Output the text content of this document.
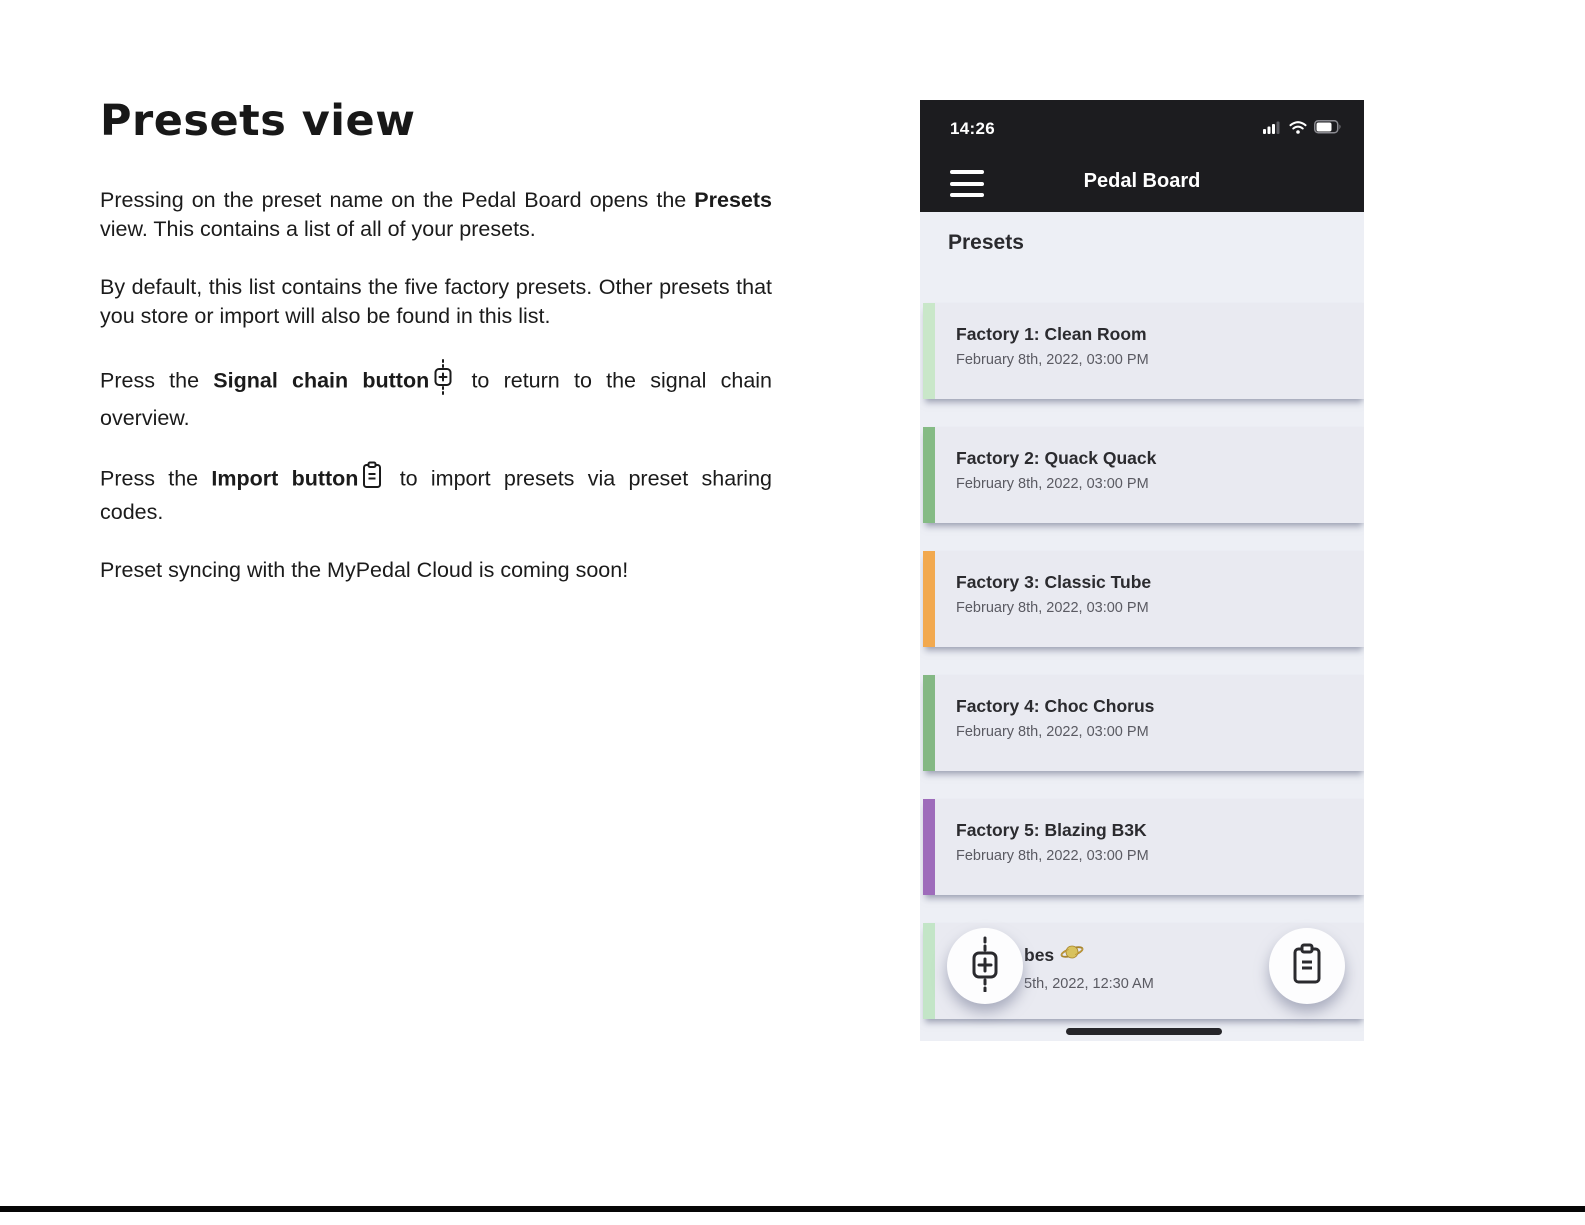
Presets view

Pressing on the preset name on the Pedal Board opens the Presets view. This contains a list of all of your presets.

By default, this list contains the five factory presets. Other presets that you store or import will also be found in this list.

Press the Signal chain button to return to the signal chain overview.

Press the Import button to import presets via preset sharing codes.

Preset syncing with the MyPedal Cloud is coming soon!

14:26
Pedal Board
Presets
Factory 1: Clean Room
February 8th, 2022, 03:00 PM
Factory 2: Quack Quack
February 8th, 2022, 03:00 PM
Factory 3: Classic Tube
February 8th, 2022, 03:00 PM
Factory 4: Choc Chorus
February 8th, 2022, 03:00 PM
Factory 5: Blazing B3K
February 8th, 2022, 03:00 PM
bes
5th, 2022, 12:30 AM
